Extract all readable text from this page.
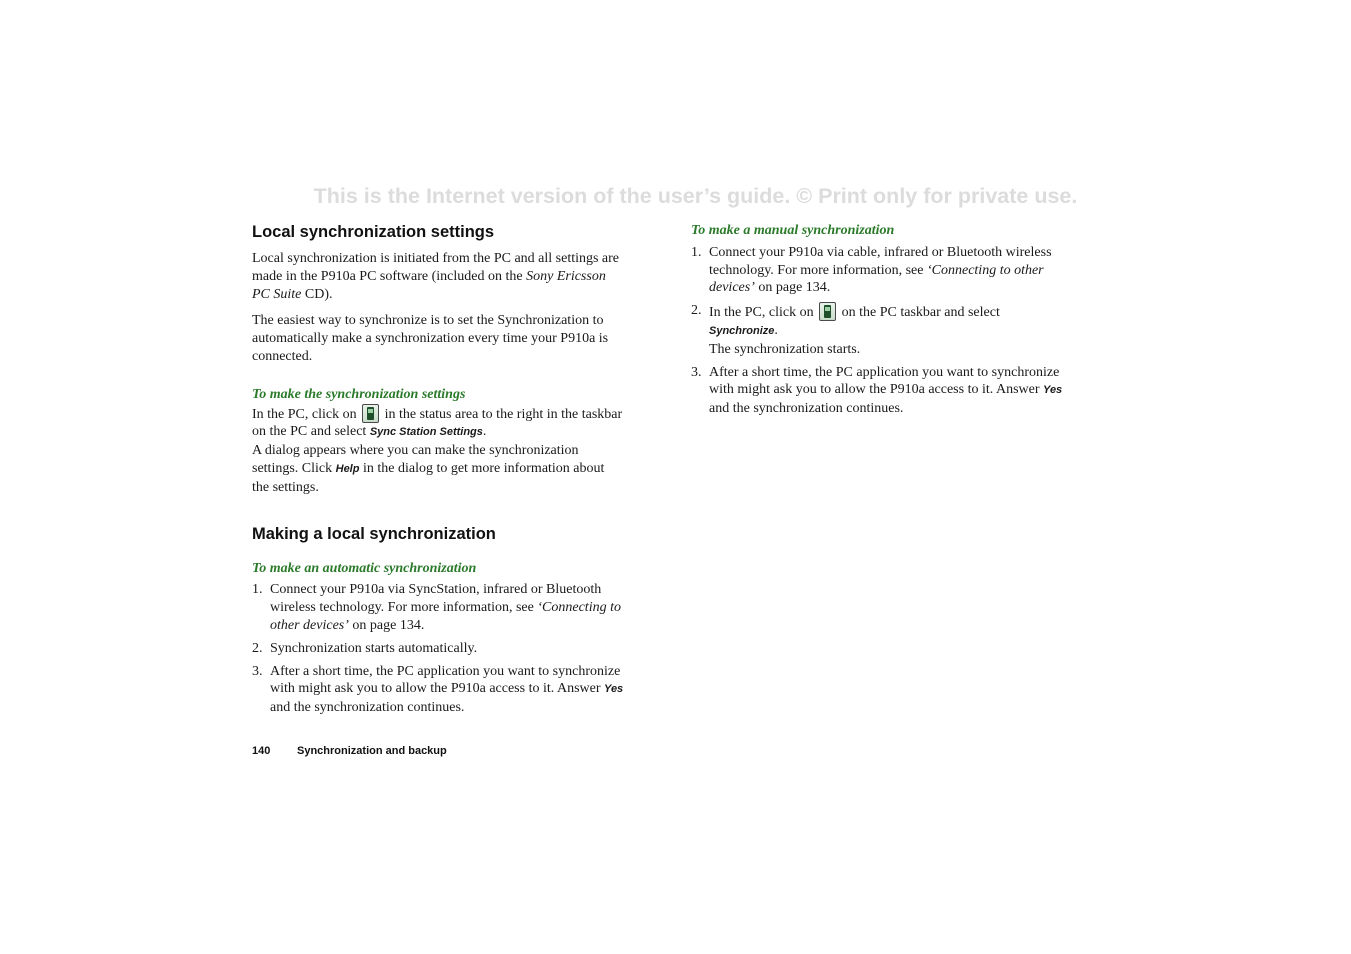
This is the Internet version of the user’s guide. © Print only for private use.
Local synchronization settings

Local synchronization is initiated from the PC and all settings are made in the P910a PC software (included on the Sony Ericsson PC Suite CD).

The easiest way to synchronize is to set the Synchronization to automatically make a synchronization every time your P910a is connected.

To make the synchronization settings

In the PC, click on  in the status area to the right in the taskbar on the PC and select Sync Station Settings.
A dialog appears where you can make the synchronization settings. Click Help in the dialog to get more information about the settings.

Making a local synchronization
To make an automatic synchronization
1. Connect your P910a via SyncStation, infrared or Bluetooth wireless technology. For more information, see ‘Connecting to other devices’ on page 134.
2. Synchronization starts automatically.
3. After a short time, the PC application you want to synchronize with might ask you to allow the P910a access to it. Answer Yes and the synchronization continues.
To make a manual synchronization
1. Connect your P910a via cable, infrared or Bluetooth wireless technology. For more information, see ‘Connecting to other devices’ on page 134.
2. In the PC, click on  on the PC taskbar and select
Synchronize.
The synchronization starts.
3. After a short time, the PC application you want to synchronize with might ask you to allow the P910a access to it. Answer Yes and the synchronization continues.
140 Synchronization and backup
